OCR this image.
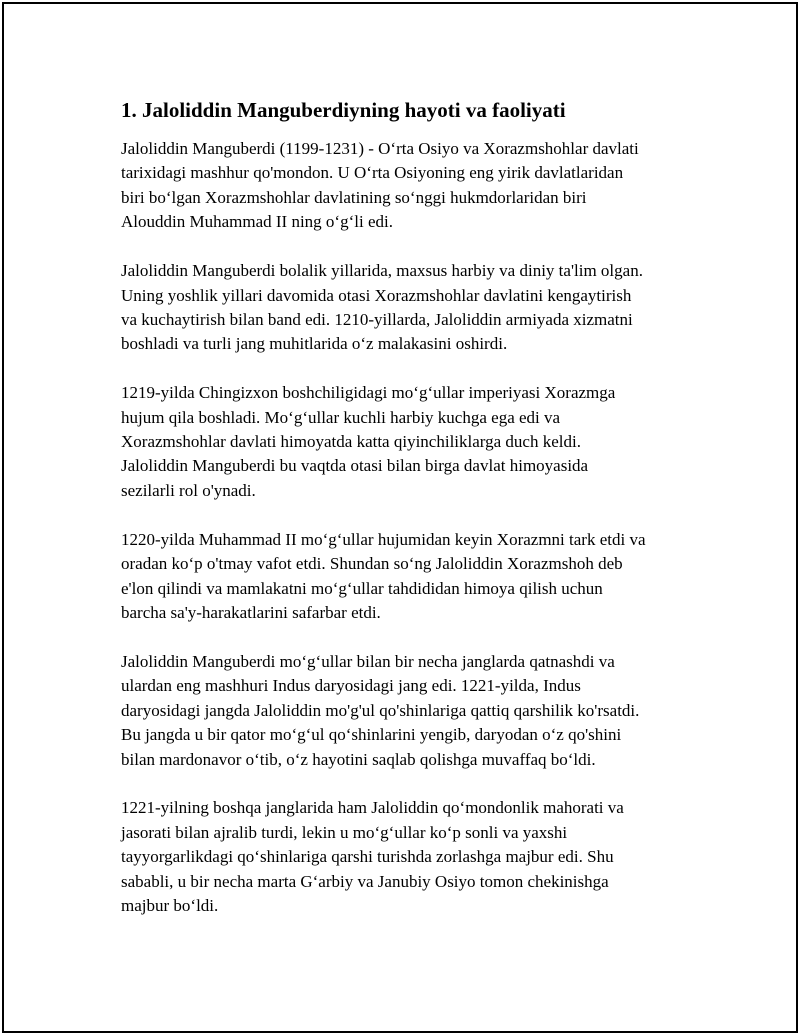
1. Jaloliddin Manguberdiyning hayoti va faoliyati
Jaloliddin Manguberdi (1199-1231) - O‘rta Osiyo va Xorazmshohlar davlati
tarixidagi mashhur qo'mondon. U O‘rta Osiyoning eng yirik davlatlaridan
biri bo‘lgan Xorazmshohlar davlatining so‘nggi hukmdorlaridan biri
Alouddin Muhammad II ning o‘g‘li edi.
Jaloliddin Manguberdi bolalik yillarida, maxsus harbiy va diniy ta'lim olgan.
Uning yoshlik yillari davomida otasi Xorazmshohlar davlatini kengaytirish
va kuchaytirish bilan band edi. 1210-yillarda, Jaloliddin armiyada xizmatni
boshladi va turli jang muhitlarida o‘z malakasini oshirdi.
1219-yilda Chingizxon boshchiligidagi mo‘g‘ullar imperiyasi Xorazmga
hujum qila boshladi. Mo‘g‘ullar kuchli harbiy kuchga ega edi va
Xorazmshohlar davlati himoyatda katta qiyinchiliklarga duch keldi.
Jaloliddin Manguberdi bu vaqtda otasi bilan birga davlat himoyasida
sezilarli rol o'ynadi.
1220-yilda Muhammad II mo‘g‘ullar hujumidan keyin Xorazmni tark etdi va
oradan ko‘p o'tmay vafot etdi. Shundan so‘ng Jaloliddin Xorazmshoh deb
e'lon qilindi va mamlakatni mo‘g‘ullar tahdididan himoya qilish uchun
barcha sa'y-harakatlarini safarbar etdi.
Jaloliddin Manguberdi mo‘g‘ullar bilan bir necha janglarda qatnashdi va
ulardan eng mashhuri Indus daryosidagi jang edi. 1221-yilda, Indus
daryosidagi jangda Jaloliddin mo'g'ul qo'shinlariga qattiq qarshilik ko'rsatdi.
Bu jangda u bir qator mo‘g‘ul qo‘shinlarini yengib, daryodan o‘z qo'shini
bilan mardonavor o‘tib, o‘z hayotini saqlab qolishga muvaffaq bo‘ldi.
1221-yilning boshqa janglarida ham Jaloliddin qo‘mondonlik mahorati va
jasorati bilan ajralib turdi, lekin u mo‘g‘ullar ko‘p sonli va yaxshi
tayyorgarlikdagi qo‘shinlariga qarshi turishda zorlashga majbur edi. Shu
sababli, u bir necha marta G‘arbiy va Janubiy Osiyo tomon chekinishga
majbur bo‘ldi.
